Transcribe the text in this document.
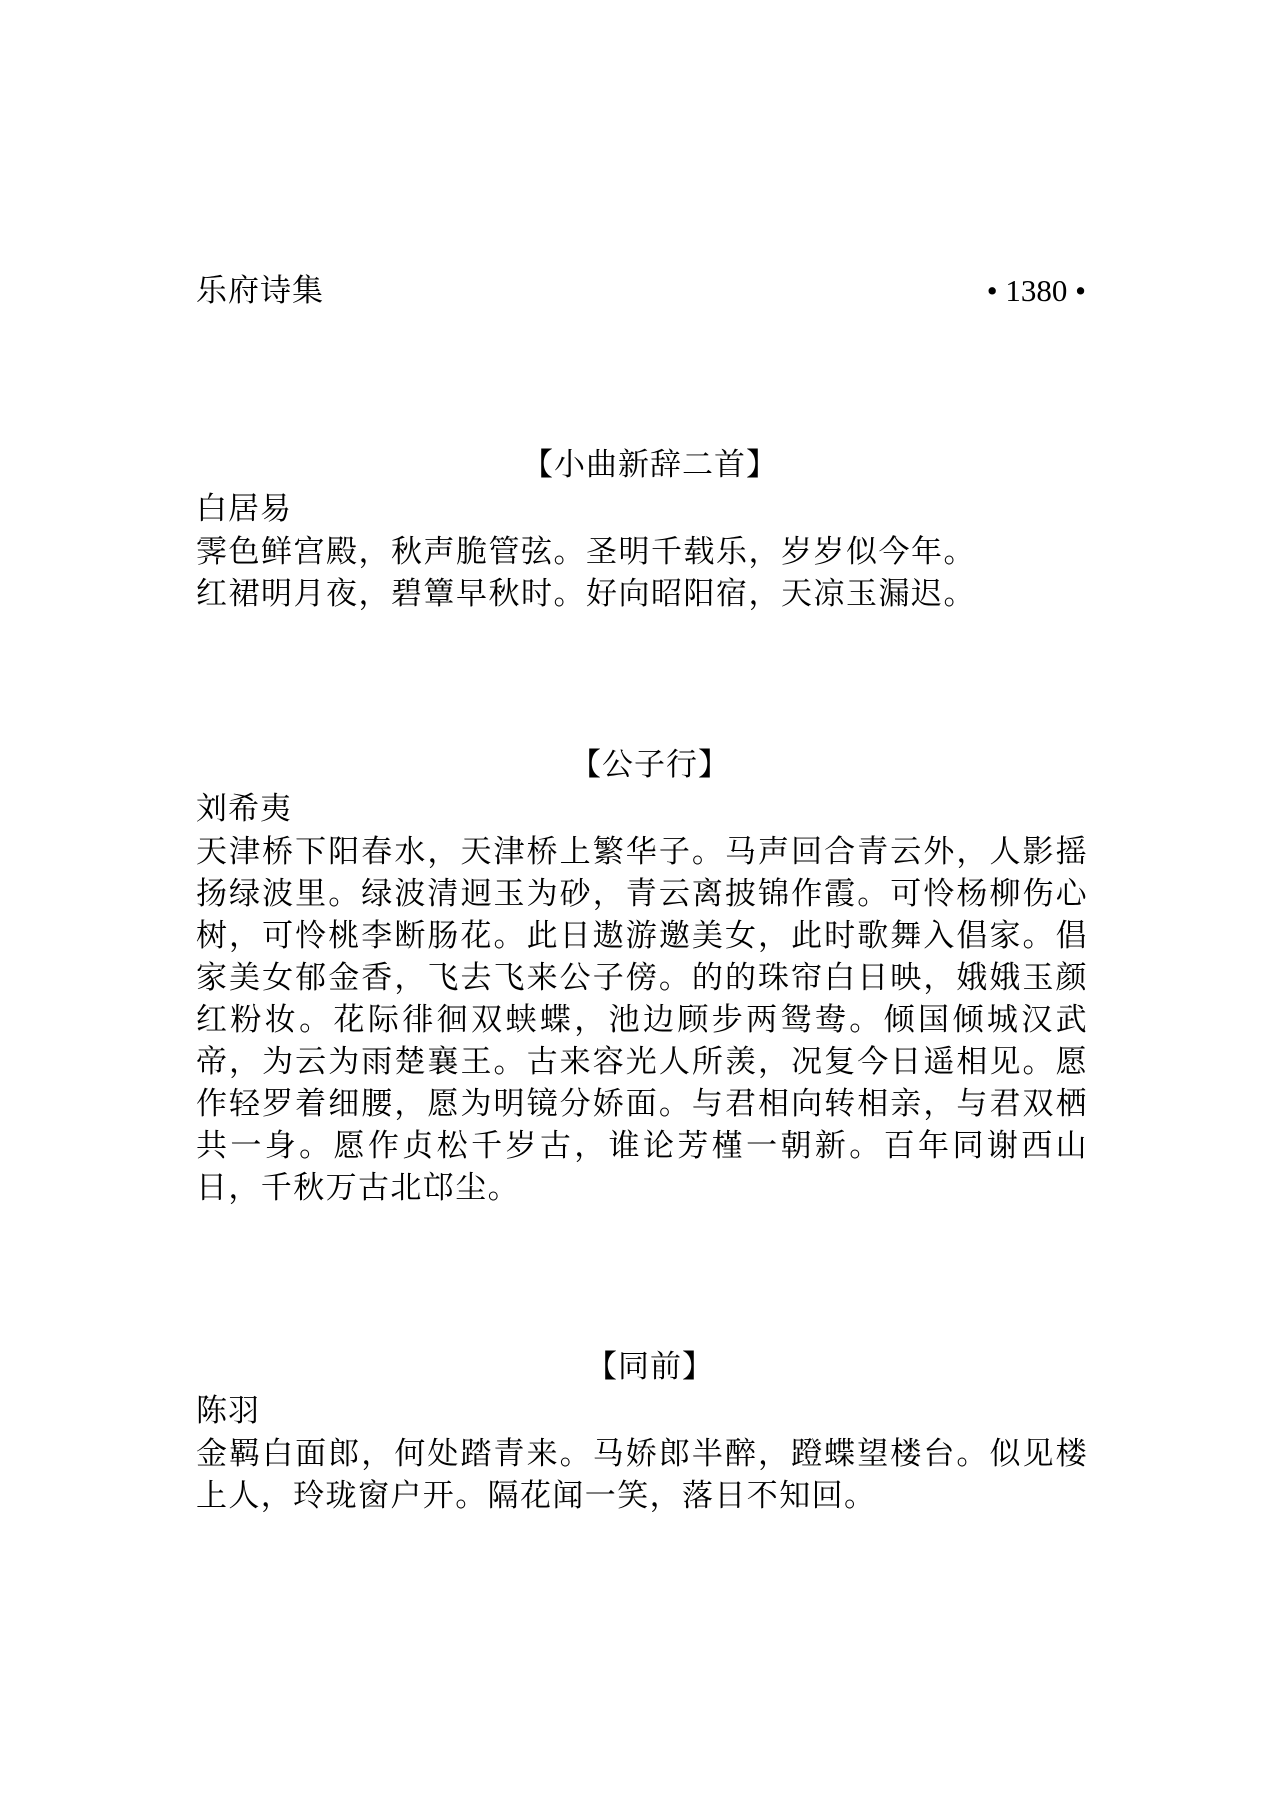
乐府诗集	• 1380 •
【小曲新辞二首】
白居易

霁色鲜宫殿，秋声脆管弦。圣明千载乐，岁岁似今年。

红裙明月夜，碧簟早秋时。好向昭阳宿，天凉玉漏迟。

【公子行】
刘希夷

天津桥下阳春水，天津桥上繁华子。马声回合青云外，人影摇扬绿波里。绿波清迥玉为砂，青云离披锦作霞。可怜杨柳伤心树，可怜桃李断肠花。此日遨游邀美女，此时歌舞入倡家。倡家美女郁金香，飞去飞来公子傍。的的珠帘白日映，娥娥玉颜红粉妆。花际徘徊双蛱蝶，池边顾步两鸳鸯。倾国倾城汉武帝，为云为雨楚襄王。古来容光人所羡，况复今日遥相见。愿作轻罗着细腰，愿为明镜分娇面。与君相向转相亲，与君双栖共一身。愿作贞松千岁古，谁论芳槿一朝新。百年同谢西山日，千秋万古北邙尘。

【同前】
陈羽

金羁白面郎，何处踏青来。马娇郎半醉，蹬蝶望楼台。似见楼上人，玲珑窗户开。隔花闻一笑，落日不知回。
